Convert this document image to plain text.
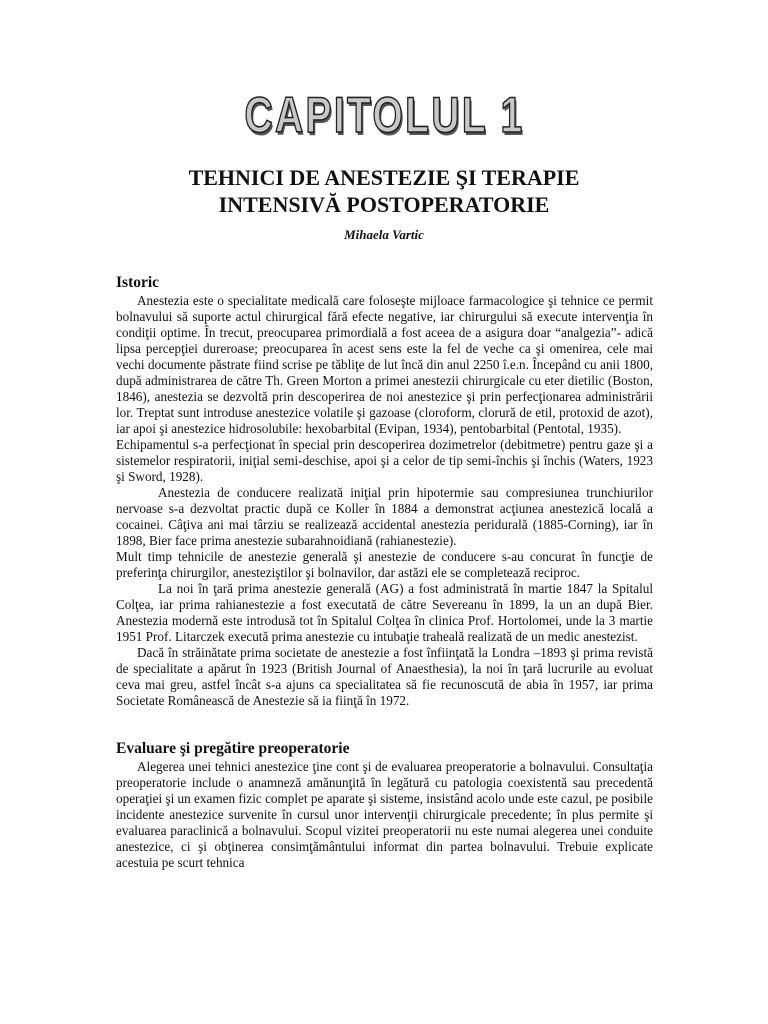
CAPITOLUL 1
TEHNICI DE ANESTEZIE ŞI TERAPIE
INTENSIVĂ POSTOPERATORIE
Mihaela Vartic
Istoric

Anestezia este o specialitate medicală care foloseşte mijloace farmacologice şi tehnice ce permit bolnavului să suporte actul chirurgical fără efecte negative, iar chirurgului să execute intervenţia în condiţii optime. În trecut, preocuparea primordială a fost aceea de a asigura doar “analgezia”- adică lipsa percepţiei dureroase; preocuparea în acest sens este la fel de veche ca şi omenirea, cele mai vechi documente păstrate fiind scrise pe tăbliţe de lut încă din anul 2250 î.e.n. Începând cu anii 1800, după administrarea de către Th. Green Morton a primei anestezii chirurgicale cu eter dietilic (Boston, 1846), anestezia se dezvoltă prin descoperirea de noi anestezice şi prin perfecţionarea administrării lor. Treptat sunt introduse anestezice volatile şi gazoase (cloroform, clorură de etil, protoxid de azot), iar apoi şi anestezice hidrosolubile: hexobarbital (Evipan, 1934), pentobarbital (Pentotal, 1935).

Echipamentul s-a perfecţionat în special prin descoperirea dozimetrelor (debitmetre) pentru gaze şi a sistemelor respiratorii, iniţial semi-deschise, apoi şi a celor de tip semi-închis şi închis (Waters, 1923 şi Sword, 1928).

Anestezia de conducere realizată iniţial prin hipotermie sau compresiunea trunchiurilor nervoase s-a dezvoltat practic după ce Koller în 1884 a demonstrat acţiunea anestezică locală a cocainei. Câţiva ani mai târziu se realizează accidental anestezia peridurală (1885-Corning), iar în 1898, Bier face prima anestezie subarahnoidiană (rahianestezie).

Mult timp tehnicile de anestezie generală şi anestezie de conducere s-au concurat în funcţie de preferinţa chirurgilor, anesteziştilor şi bolnavilor, dar astăzi ele se completează reciproc.

La noi în ţară prima anestezie generală (AG) a fost administrată în martie 1847 la Spitalul Colţea, iar prima rahianestezie a fost executată de către Severeanu în 1899, la un an după Bier. Anestezia modernă este introdusă tot în Spitalul Colţea în clinica Prof. Hortolomei, unde la 3 martie 1951 Prof. Litarczek execută prima anestezie cu intubaţie traheală realizată de un medic anestezist.

Dacă în străinătate prima societate de anestezie a fost înfiinţată la Londra –1893 şi prima revistă de specialitate a apărut în 1923 (British Journal of Anaesthesia), la noi în ţară lucrurile au evoluat ceva mai greu, astfel încât s-a ajuns ca specialitatea să fie recunoscută de abia în 1957, iar prima Societate Românească de Anestezie să ia fiinţă în 1972.

Evaluare şi pregătire preoperatorie

Alegerea unei tehnici anestezice ţine cont şi de evaluarea preoperatorie a bolnavului. Consultaţia preoperatorie include o anamneză amănunţită în legătură cu patologia coexistentă sau precedentă operaţiei şi un examen fizic complet pe aparate şi sisteme, insistând acolo unde este cazul, pe posibile incidente anestezice survenite în cursul unor intervenţii chirurgicale precedente; în plus permite şi evaluarea paraclinică a bolnavului. Scopul vizitei preoperatorii nu este numai alegerea unei conduite anestezice, ci şi obţinerea consimţământului informat din partea bolnavului. Trebuie explicate acestuia pe scurt tehnica
